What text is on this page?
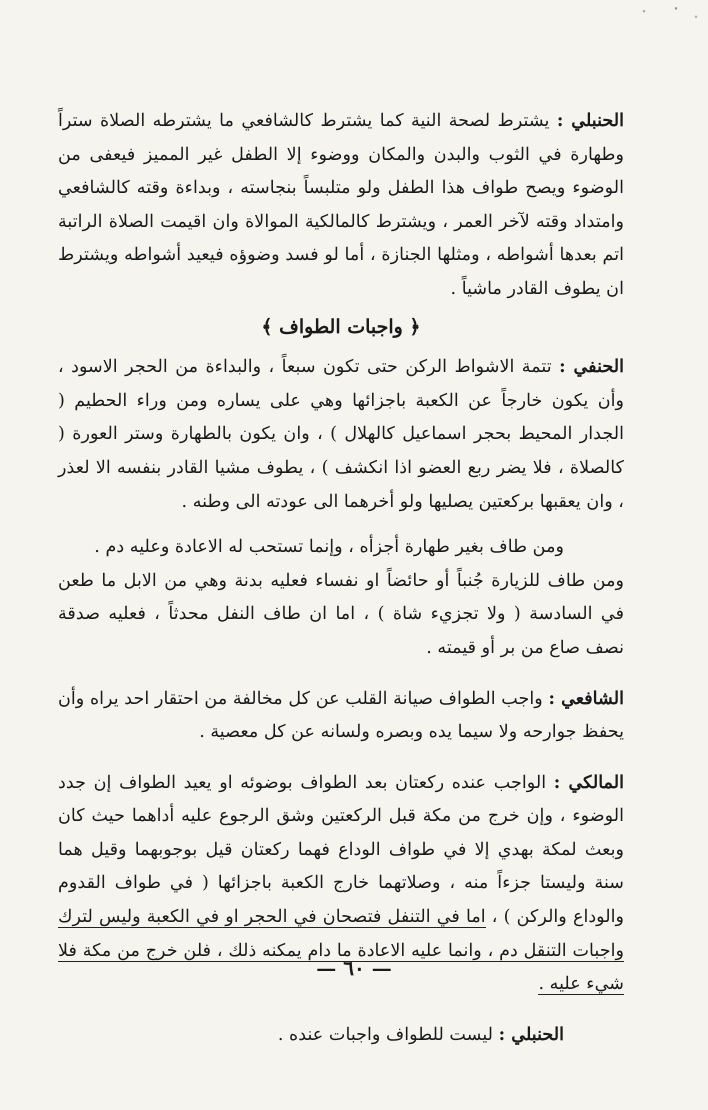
الحنبلي : يشترط لصحة النية كما يشترط كالشافعي ما يشترطه الصلاة ستراً وطهارة في الثوب والبدن والمكان ووضوء إلا الطفل غير المميز فيعفى من الوضوء ويصح طواف هذا الطفل ولو متلبساً بنجاسته ، وبداءة وقته كالشافعي وامتداد وقته لآخر العمر ، ويشترط كالمالكية الموالاة وان اقيمت الصلاة الراتبة اتم بعدها أشواطه ، ومثلها الجنازة ، أما لو فسد وضوؤه فيعيد أشواطه ويشترط ان يطوف القادر ماشياً .

﴿ واجبات الطواف ﴾

الحنفي : تتمة الاشواط الركن حتى تكون سبعاً ، والبداءة من الحجر الاسود ، وأن يكون خارجاً عن الكعبة باجزائها وهي على يساره ومن وراء الحطيم ( الجدار المحيط بحجر اسماعيل كالهلال ) ، وان يكون بالطهارة وستر العورة ( كالصلاة ، فلا يضر ربع العضو اذا انكشف ) ، يطوف مشيا القادر بنفسه الا لعذر ، وان يعقبها بركعتين يصليها ولو أخرهما الى عودته الى وطنه .

ومن طاف بغير طهارة أجزأه ، وإنما تستحب له الاعادة وعليه دم .

ومن طاف للزيارة جُنباً أو حائضاً او نفساء فعليه بدنة وهي من الابل ما طعن في السادسة ( ولا تجزيء شاة ) ، اما ان طاف النفل محدثاً ، فعليه صدقة نصف صاع من بر أو قيمته .

الشافعي : واجب الطواف صيانة القلب عن كل مخالفة من احتقار احد يراه وأن يحفظ جوارحه ولا سيما يده وبصره ولسانه عن كل معصية .

المالكي : الواجب عنده ركعتان بعد الطواف بوضوئه او يعيد الطواف إن جدد الوضوء ، وإن خرج من مكة قبل الركعتين وشق الرجوع عليه أداهما حيث كان وبعث لمكة بهدي إلا في طواف الوداع فهما ركعتان قيل بوجوبهما وقيل هما سنة وليستا جزءاً منه ، وصلاتهما خارج الكعبة باجزائها ( في طواف القدوم والوداع والركن ) ، اما في التنفل فتصحان في الحجر او في الكعبة وليس لترك واجبات التنقل دم ، وانما عليه الاعادة ما دام يمكنه ذلك ، فلن خرج من مكة فلا شيء عليه .

الحنبلي : ليست للطواف واجبات عنده .

— ٦٠ —
